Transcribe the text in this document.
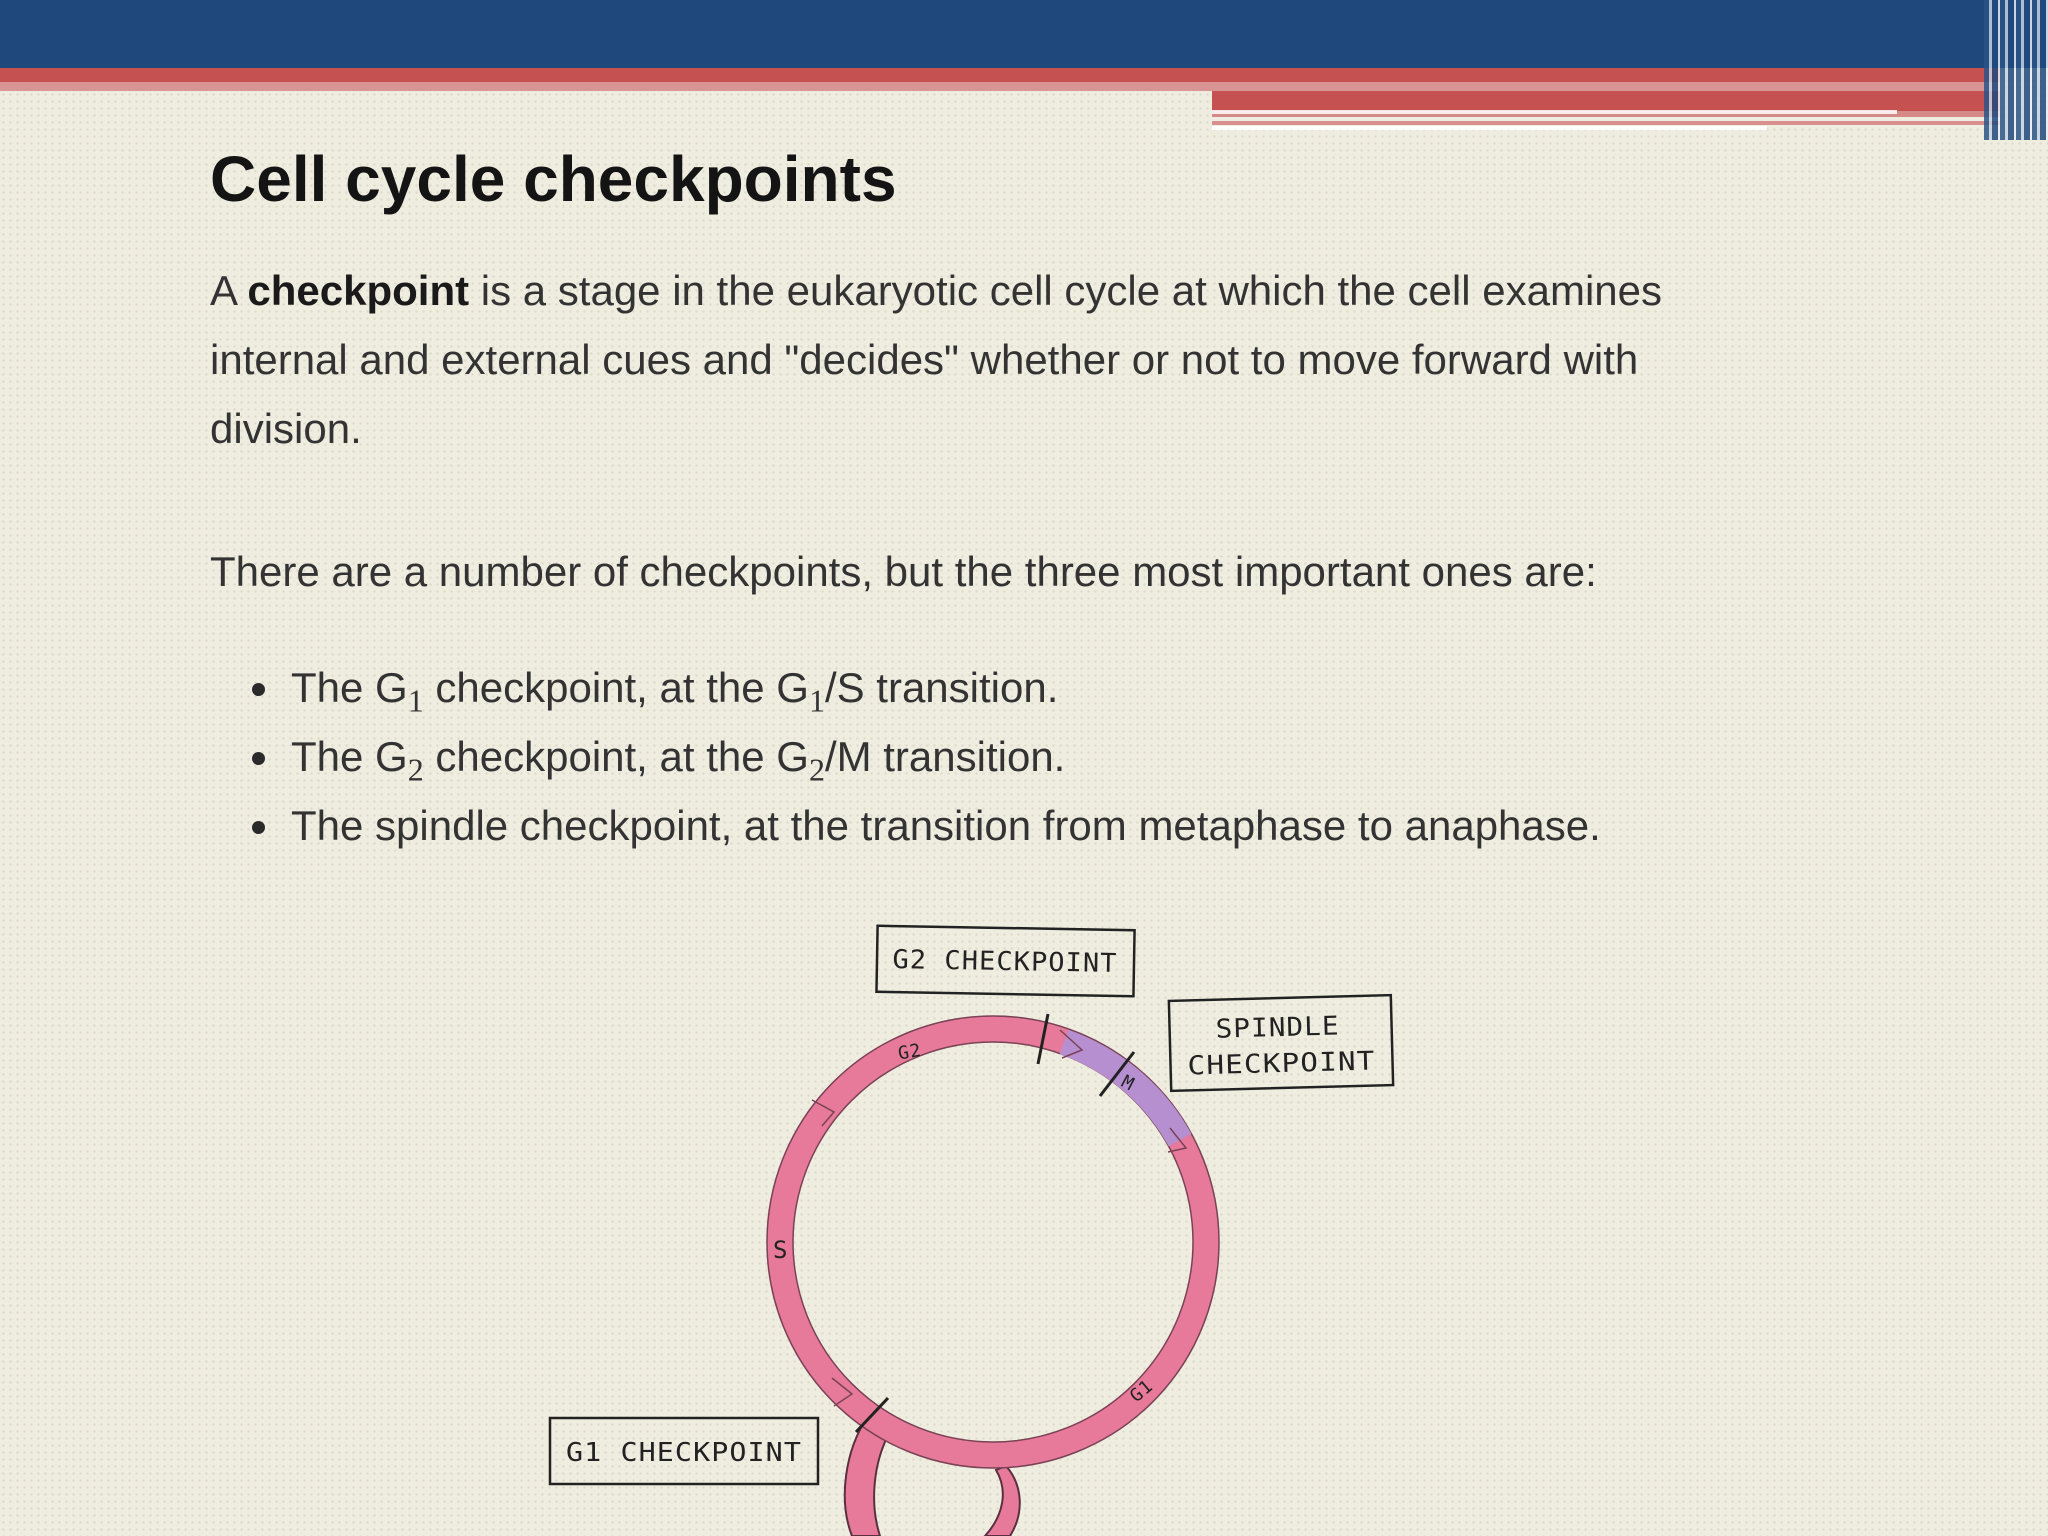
Cell cycle checkpoints

A checkpoint is a stage in the eukaryotic cell cycle at which the cell examines internal and external cues and "decides" whether or not to move forward with division.

There are a number of checkpoints, but the three most important ones are:

The $G_1$ checkpoint, at the $G_1/S$ transition.
The $G_2$ checkpoint, at the $G_2/M$ transition.
The spindle checkpoint, at the transition from metaphase to anaphase.
G2
M
S
G1
G2 CHECKPOINT
SPINDLE
CHECKPOINT
G1 CHECKPOINT
